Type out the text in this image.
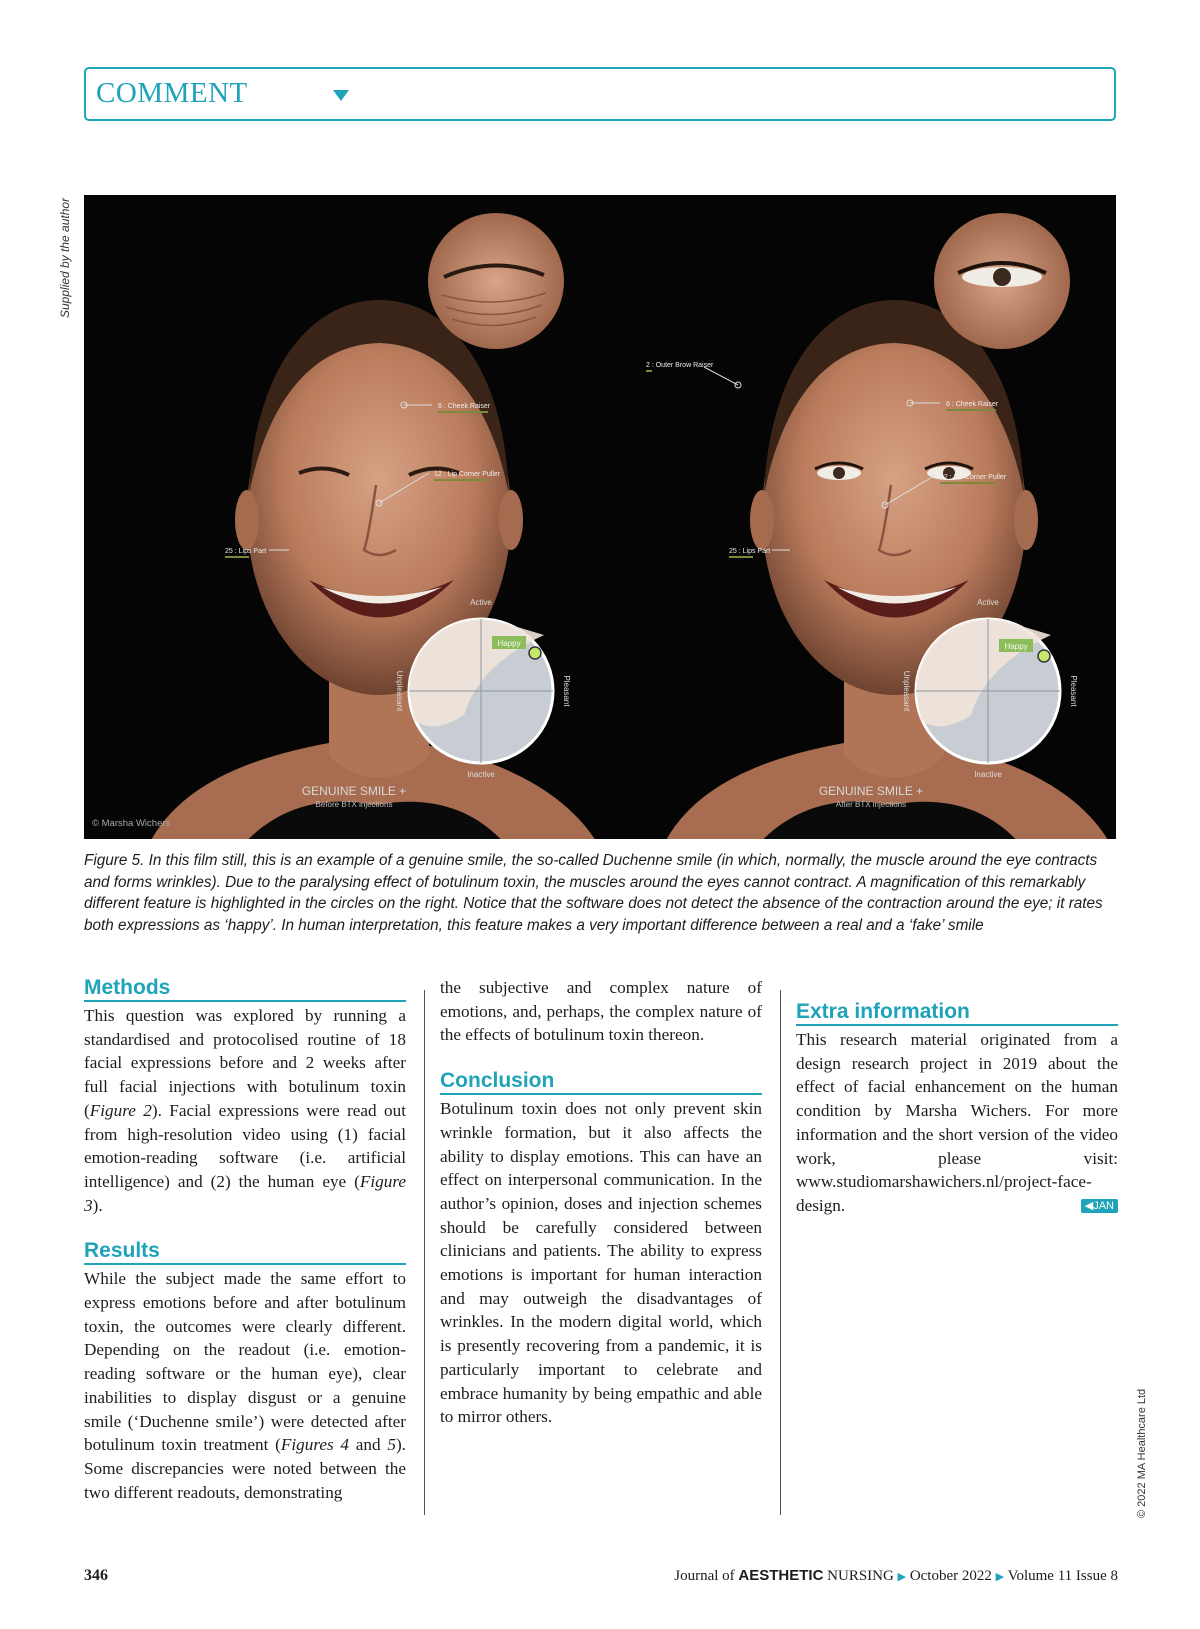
COMMENT
Supplied by the author
© 2022 MA Healthcare Ltd
6 : Cheek Raiser
12 : Lip Corner Puller
25 : Lips Part
Happy
Active
Inactive
Unpleasant	Pleasant
GENUINE SMILE +
Before BTX injections
© Marsha Wichers
2 : Outer Brow Raiser
6 : Cheek Raiser
12 : Lip Corner Puller
25 : Lips Part
Happy
Active
Inactive
Unpleasant	Pleasant
GENUINE SMILE +
After BTX injections
Figure 5. In this film still, this is an example of a genuine smile, the so-called Duchenne smile (in which, normally, the muscle around the eye contracts and forms wrinkles). Due to the paralysing effect of botulinum toxin, the muscles around the eyes cannot contract. A magnification of this remarkably different feature is highlighted in the circles on the right. Notice that the software does not detect the absence of the contraction around the eye; it rates both expressions as ‘happy’. In human interpretation, this feature makes a very important difference between a real and a ‘fake’ smile
Methods

This question was explored by running a standardised and protocolised routine of 18 facial expressions before and 2 weeks after full facial injections with botulinum toxin (Figure 2). Facial expressions were read out from high-resolution video using (1) facial emotion-reading software (i.e. artificial intelligence) and (2) the human eye (Figure 3).

Results

While the subject made the same effort to express emotions before and after botulinum toxin, the outcomes were clearly different. Depending on the readout (i.e. emotion-reading software or the human eye), clear inabilities to display disgust or a genuine smile (‘Duchenne smile’) were detected after botulinum toxin treatment (Figures 4 and 5). Some discrepancies were noted between the two different readouts, demonstrating

the subjective and complex nature of emotions, and, perhaps, the complex nature of the effects of botulinum toxin thereon.

Conclusion

Botulinum toxin does not only prevent skin wrinkle formation, but it also affects the ability to display emotions. This can have an effect on interpersonal communication. In the author’s opinion, doses and injection schemes should be carefully considered between clinicians and patients. The ability to express emotions is important for human interaction and may outweigh the disadvantages of wrinkles. In the modern digital world, which is presently recovering from a pandemic, it is particularly important to celebrate and embrace humanity by being empathic and able to mirror others.

Extra information

This research material originated from a design research project in 2019 about the effect of facial enhancement on the human condition by Marsha Wichers. For more information and the short version of the video work, please visit: www.studiomarshawichers.nl/project-face-design.	◀JAN

346	Journal of AESTHETIC NURSING ▶ October 2022 ▶ Volume 11 Issue 8
